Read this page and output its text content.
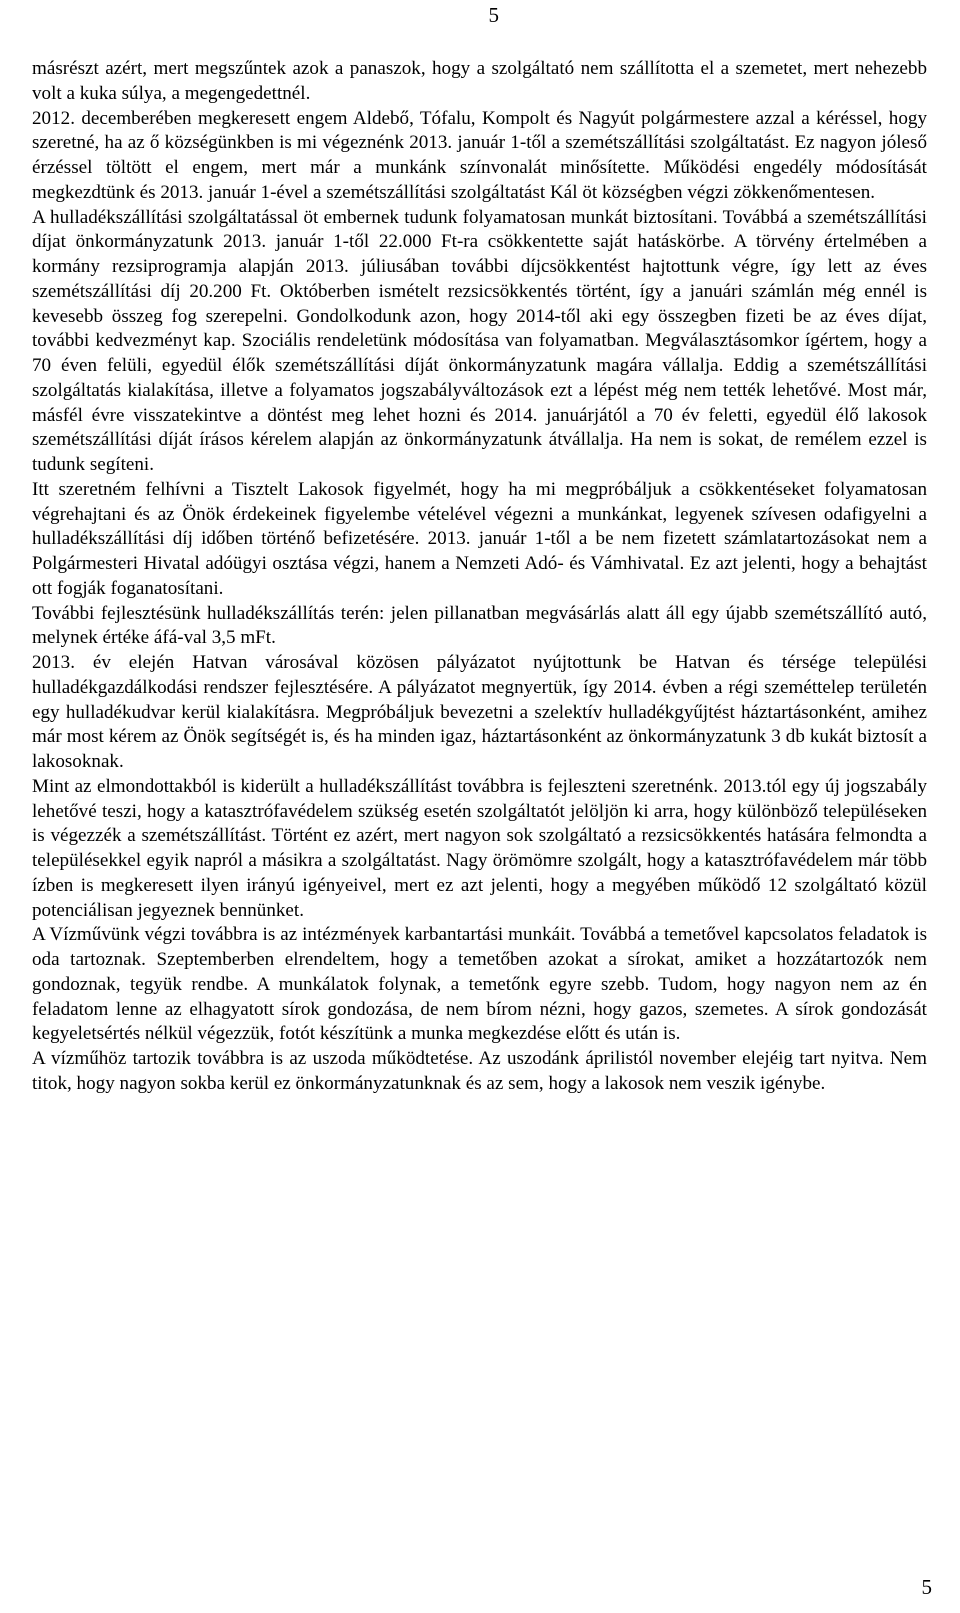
5

másrészt azért, mert megszűntek azok a panaszok, hogy a szolgáltató nem szállította el a szemetet, mert nehezebb volt a kuka súlya, a megengedettnél.

2012. decemberében megkeresett engem Aldebő, Tófalu, Kompolt és Nagyút polgármestere azzal a kéréssel, hogy szeretné, ha az ő községünkben is mi végeznénk 2013. január 1-től a szemétszállítási szolgáltatást. Ez nagyon jóleső érzéssel töltött el engem, mert már a munkánk színvonalát minősítette. Működési engedély módosítását megkezdtünk és 2013. január 1-ével a szemétszállítási szolgáltatást Kál öt községben végzi zökkenőmentesen.

A hulladékszállítási szolgáltatással öt embernek tudunk folyamatosan munkát biztosítani. Továbbá a szemétszállítási díjat önkormányzatunk 2013. január 1-től 22.000 Ft-ra csökkentette saját hatáskörbe. A törvény értelmében a kormány rezsiprogramja alapján 2013. júliusában további díjcsökkentést hajtottunk végre, így lett az éves szemétszállítási díj 20.200 Ft. Októberben ismételt rezsicsökkentés történt, így a januári számlán még ennél is kevesebb összeg fog szerepelni. Gondolkodunk azon, hogy 2014-től aki egy összegben fizeti be az éves díjat, további kedvezményt kap. Szociális rendeletünk módosítása van folyamatban. Megválasztásomkor ígértem, hogy a 70 éven felüli, egyedül élők szemétszállítási díját önkormányzatunk magára vállalja. Eddig a szemétszállítási szolgáltatás kialakítása, illetve a folyamatos jogszabályváltozások ezt a lépést még nem tették lehetővé. Most már, másfél évre visszatekintve a döntést meg lehet hozni és 2014. januárjától a 70 év feletti, egyedül élő lakosok szemétszállítási díját írásos kérelem alapján az önkormányzatunk átvállalja. Ha nem is sokat, de remélem ezzel is tudunk segíteni.

Itt szeretném felhívni a Tisztelt Lakosok figyelmét, hogy ha mi megpróbáljuk a csökkentéseket folyamatosan végrehajtani és az Önök érdekeinek figyelembe vételével végezni a munkánkat, legyenek szívesen odafigyelni a hulladékszállítási díj időben történő befizetésére. 2013. január 1-től a be nem fizetett számlatartozásokat nem a Polgármesteri Hivatal adóügyi osztása végzi, hanem a Nemzeti Adó- és Vámhivatal. Ez azt jelenti, hogy a behajtást ott fogják foganatosítani.

További fejlesztésünk hulladékszállítás terén: jelen pillanatban megvásárlás alatt áll egy újabb szemétszállító autó, melynek értéke áfá-val 3,5 mFt.

2013. év elején Hatvan városával közösen pályázatot nyújtottunk be Hatvan és térsége települési hulladékgazdálkodási rendszer fejlesztésére. A pályázatot megnyertük, így 2014. évben a régi szeméttelep területén egy hulladékudvar kerül kialakításra. Megpróbáljuk bevezetni a szelektív hulladékgyűjtést háztartásonként, amihez már most kérem az Önök segítségét is, és ha minden igaz, háztartásonként az önkormányzatunk 3 db kukát biztosít a lakosoknak.

Mint az elmondottakból is kiderült a hulladékszállítást továbbra is fejleszteni szeretnénk. 2013.tól egy új jogszabály lehetővé teszi, hogy a katasztrófavédelem szükség esetén szolgáltatót jelöljön ki arra, hogy különböző településeken is végezzék a szemétszállítást. Történt ez azért, mert nagyon sok szolgáltató a rezsicsökkentés hatására felmondta a településekkel egyik napról a másikra a szolgáltatást. Nagy örömömre szolgált, hogy a katasztrófavédelem már több ízben is megkeresett ilyen irányú igényeivel, mert ez azt jelenti, hogy a megyében működő 12 szolgáltató közül potenciálisan jegyeznek bennünket.

A Vízművünk végzi továbbra is az intézmények karbantartási munkáit. Továbbá a temetővel kapcsolatos feladatok is oda tartoznak. Szeptemberben elrendeltem, hogy a temetőben azokat a sírokat, amiket a hozzátartozók nem gondoznak, tegyük rendbe. A munkálatok folynak, a temetőnk egyre szebb. Tudom, hogy nagyon nem az én feladatom lenne az elhagyatott sírok gondozása, de nem bírom nézni, hogy gazos, szemetes. A sírok gondozását kegyeletsértés nélkül végezzük, fotót készítünk a munka megkezdése előtt és után is.

A vízműhöz tartozik továbbra is az uszoda működtetése. Az uszodánk áprilistól november elejéig tart nyitva. Nem titok, hogy nagyon sokba kerül ez önkormányzatunknak és az sem, hogy a lakosok nem veszik igénybe.

5
